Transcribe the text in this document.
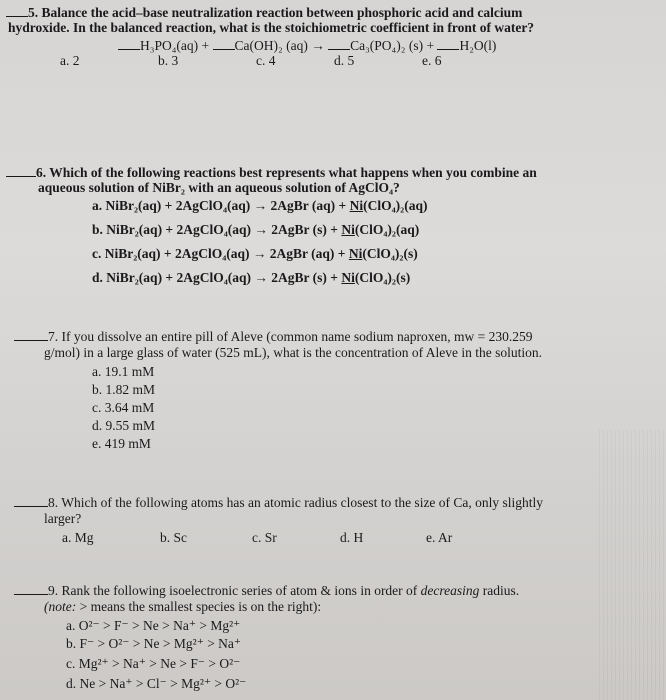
5. Balance the acid–base neutralization reaction between phosphoric acid and calcium
hydroxide. In the balanced reaction, what is the stoichiometric coefficient in front of water?
H₃PO₄(aq) + Ca(OH)₂ (aq) → Ca₃(PO₄)₂ (s) + H₂O(l)
a. 2	b. 3	c. 4	d. 5	e. 6
6. Which of the following reactions best represents what happens when you combine an
aqueous solution of NiBr₂ with an aqueous solution of AgClO₄?
a. NiBr₂(aq) + 2AgClO₄(aq) → 2AgBr (aq) + Ni(ClO₄)₂(aq)
b. NiBr₂(aq) + 2AgClO₄(aq) → 2AgBr (s) + Ni(ClO₄)₂(aq)
c. NiBr₂(aq) + 2AgClO₄(aq) → 2AgBr (aq) + Ni(ClO₄)₂(s)
d. NiBr₂(aq) + 2AgClO₄(aq) → 2AgBr (s) + Ni(ClO₄)₂(s)
7. If you dissolve an entire pill of Aleve (common name sodium naproxen, mw = 230.259
g/mol) in a large glass of water (525 mL), what is the concentration of Aleve in the solution.
a. 19.1 mM
b. 1.82 mM
c. 3.64 mM
d. 9.55 mM
e. 419 mM
8. Which of the following atoms has an atomic radius closest to the size of Ca, only slightly
larger?
a. Mg	b. Sc	c. Sr	d. H	e. Ar
9. Rank the following isoelectronic series of atom & ions in order of decreasing radius.
(note: > means the smallest species is on the right):
a. O²⁻ > F⁻ > Ne > Na⁺ > Mg²⁺
b. F⁻ > O²⁻ > Ne > Mg²⁺ > Na⁺
c. Mg²⁺ > Na⁺ > Ne > F⁻ > O²⁻
d. Ne > Na⁺ > Cl⁻ > Mg²⁺ > O²⁻
